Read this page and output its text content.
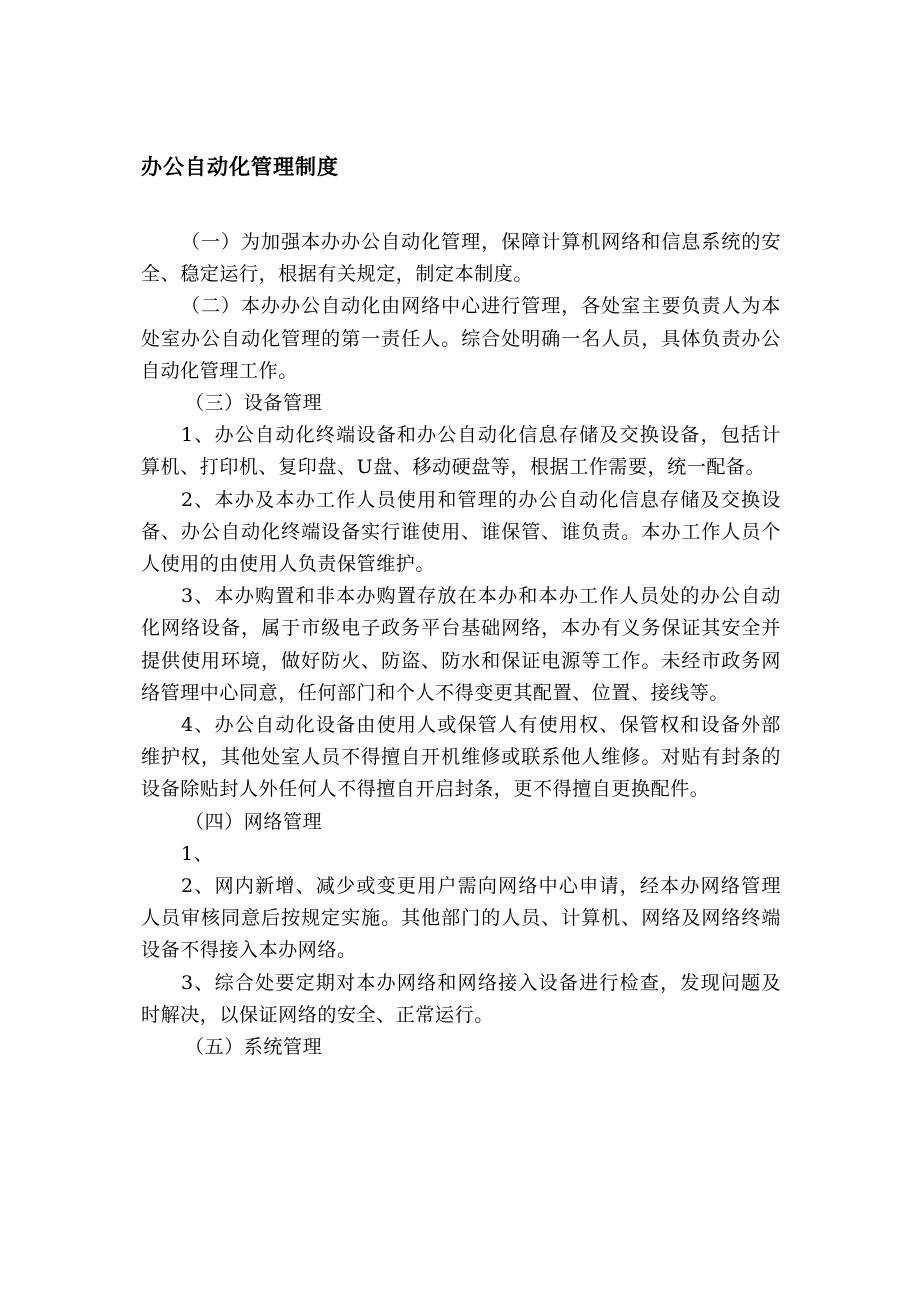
办公自动化管理制度

（一）为加强本办办公自动化管理，保障计算机网络和信息系统的安全、稳定运行，根据有关规定，制定本制度。

（二）本办办公自动化由网络中心进行管理，各处室主要负责人为本处室办公自动化管理的第一责任人。综合处明确一名人员，具体负责办公自动化管理工作。

（三）设备管理

1、办公自动化终端设备和办公自动化信息存储及交换设备，包括计算机、打印机、复印盘、U盘、移动硬盘等，根据工作需要，统一配备。

2、本办及本办工作人员使用和管理的办公自动化信息存储及交换设备、办公自动化终端设备实行谁使用、谁保管、谁负责。本办工作人员个人使用的由使用人负责保管维护。

3、本办购置和非本办购置存放在本办和本办工作人员处的办公自动化网络设备，属于市级电子政务平台基础网络，本办有义务保证其安全并提供使用环境，做好防火、防盗、防水和保证电源等工作。未经市政务网络管理中心同意，任何部门和个人不得变更其配置、位置、接线等。

4、办公自动化设备由使用人或保管人有使用权、保管权和设备外部维护权，其他处室人员不得擅自开机维修或联系他人维修。对贴有封条的设备除贴封人外任何人不得擅自开启封条，更不得擅自更换配件。

（四）网络管理

1、

2、网内新增、减少或变更用户需向网络中心申请，经本办网络管理人员审核同意后按规定实施。其他部门的人员、计算机、网络及网络终端设备不得接入本办网络。

3、综合处要定期对本办网络和网络接入设备进行检查，发现问题及时解决，以保证网络的安全、正常运行。

（五）系统管理
